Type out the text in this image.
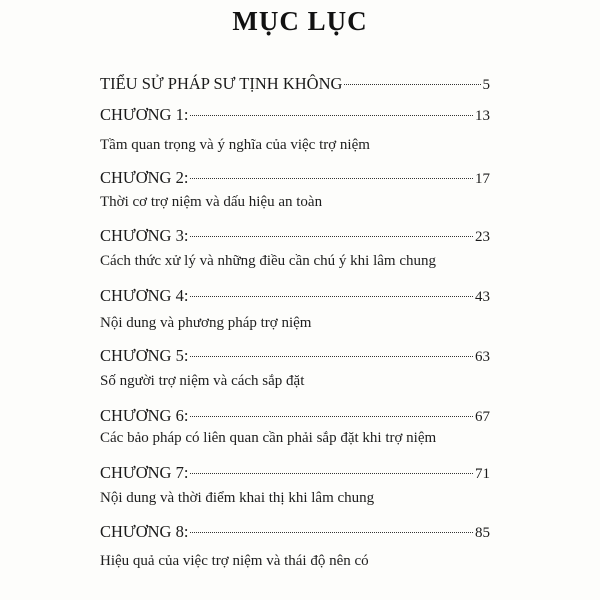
MỤC LỤC
TIỂU SỬ PHÁP SƯ TỊNH KHÔNG	5
CHƯƠNG 1:	13
Tầm quan trọng và ý nghĩa của việc trợ niệm
CHƯƠNG 2:	17
Thời cơ trợ niệm và dấu hiệu an toàn
CHƯƠNG 3:	23
Cách thức xử lý và những điều cần chú ý khi lâm chung
CHƯƠNG 4:	43
Nội dung và phương pháp trợ niệm
CHƯƠNG 5:	63
Số người trợ niệm và cách sắp đặt
CHƯƠNG 6:	67
Các bảo pháp có liên quan cần phải sắp đặt khi trợ niệm
CHƯƠNG 7:	71
Nội dung và thời điểm khai thị khi lâm chung
CHƯƠNG 8:	85
Hiệu quả của việc trợ niệm và thái độ nên có
